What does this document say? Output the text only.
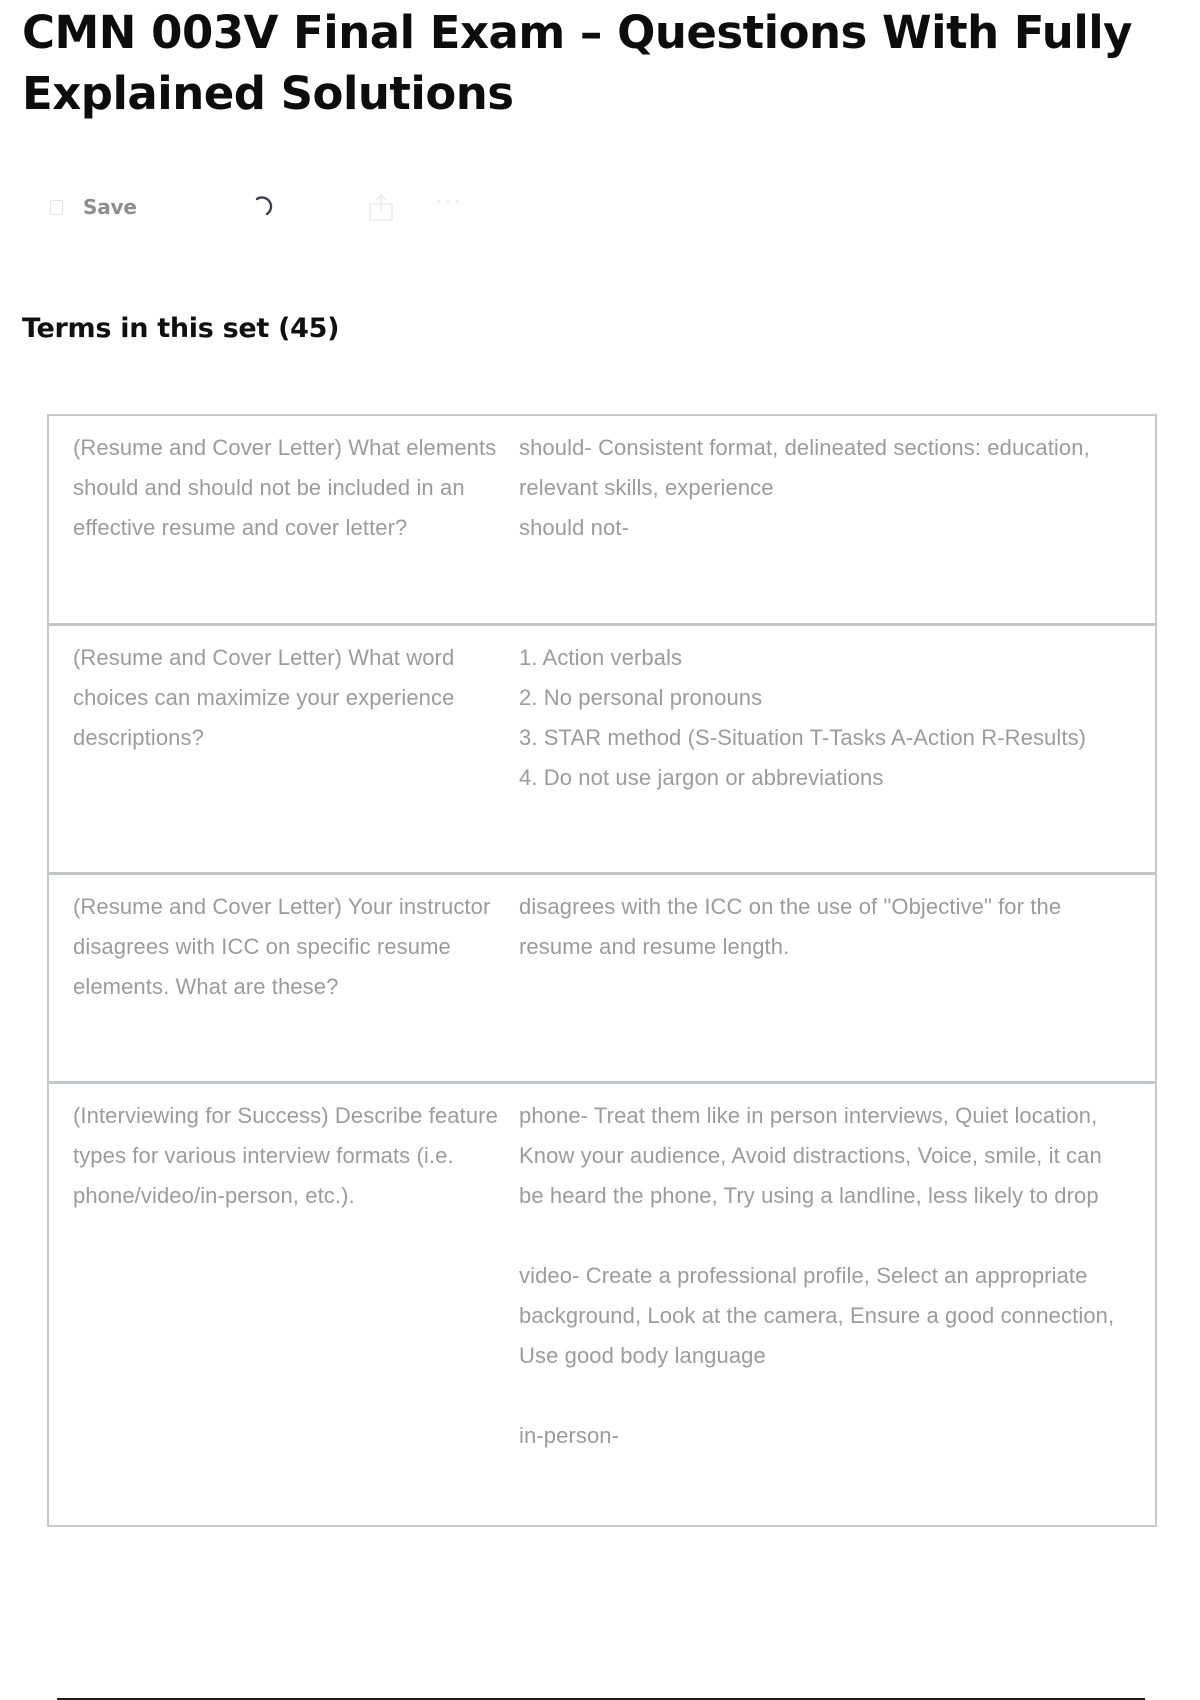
CMN 003V Final Exam – Questions With Fully Explained Solutions
Save	···
Terms in this set (45)
(Resume and Cover Letter) What elements should and should not be included in an effective resume and cover letter?
should- Consistent format, delineated sections: education, relevant skills, experience
should not-
(Resume and Cover Letter) What word choices can maximize your experience descriptions?
1. Action verbals
2. No personal pronouns
3. STAR method (S-Situation T-Tasks A-Action R-Results)
4. Do not use jargon or abbreviations
(Resume and Cover Letter) Your instructor disagrees with ICC on specific resume elements. What are these?
disagrees with the ICC on the use of "Objective" for the resume and resume length.
(Interviewing for Success) Describe feature types for various interview formats (i.e. phone/video/in-person, etc.).
phone- Treat them like in person interviews, Quiet location, Know your audience, Avoid distractions, Voice, smile, it can be heard the phone, Try using a landline, less likely to drop

video- Create a professional profile, Select an appropriate background, Look at the camera, Ensure a good connection, Use good body language

in-person-
